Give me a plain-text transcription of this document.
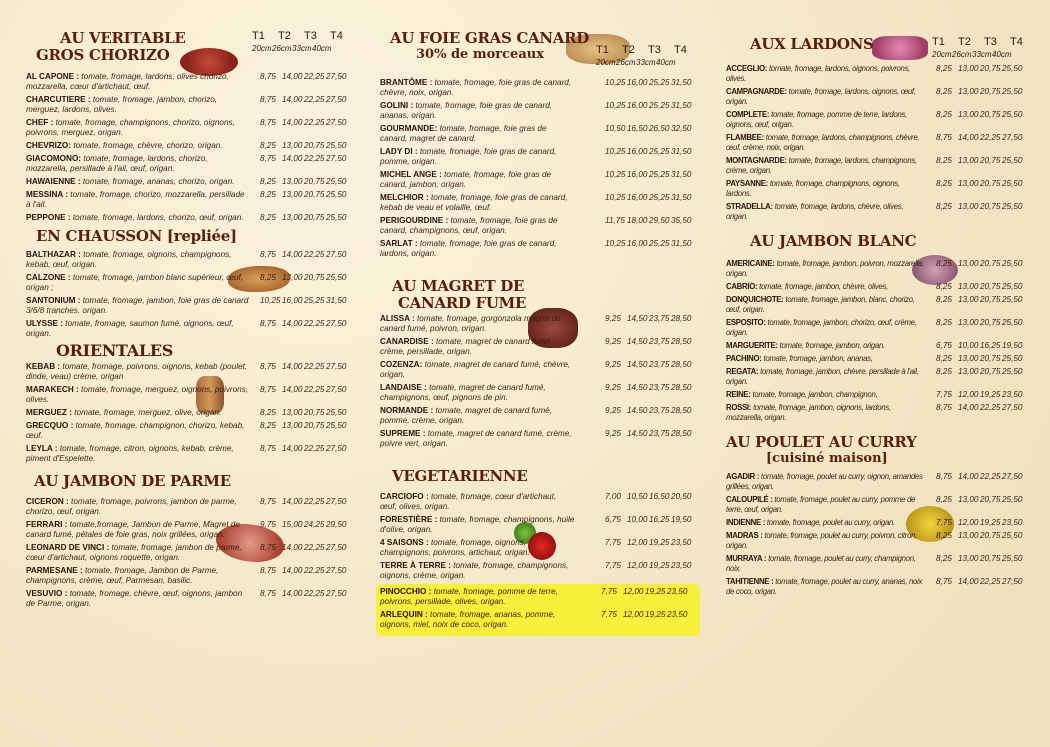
AU VERITABLE
GROS CHORIZO
T1 T2 T3 T4
20cm26cm33cm40cm
AL CAPONE : tomate, fromage, lardons, olives chorizo, mozzarella, cœur d'artichaut, œuf.
8,75 14,00 22,25 27,50
CHARCUTIERE : tomate, fromage, jambon, chorizo, merguez, lardons, olives.
8,75 14,00 22,25 27,50
CHEF : tomate, fromage, champignons, chorizo, oignons, poivrons, merguez, origan.
8,75 14,00 22,25 27,50
CHEVRIZO: tomate, fromage, chèvre, chorizo, origan.	8,25 13,00 20,75 25,50
GIACOMONO: tomate, fromage, lardons, chorizo, mozzarella, persillade à l'ail, œuf, origan.
8,75 14,00 22,25 27,50
HAWAIENNE : tomate, fromage, ananas, chorizo, origan.	8,25 13,00 20,75 25,50
MESSINA : tomate, fromage, chorizo, mozzarella, persillade à l'ail.
8,25 13,00 20,75 25,50
PEPPONE : tomate, fromage, lardons, chorizo, œuf, origan.	8,25 13,00 20,75 25,50
EN CHAUSSON [repliée]
BALTHAZAR : tomate, fromage, oignons, champignons, kebab, œuf, origan.
8,75 14,00 22,25 27,50
CALZONE : tomate, fromage, jambon blanc supérieur, œuf, origan ;
8,25 13,00 20,75 25,50
SANTONIUM : tomate, fromage, jambon, foie gras de canard 3/6/8 tranches. origan.
10,25 16,00 25,25 31,50
ULYSSE : tomate, fromage, saumon fumé, oignons, œuf, origan.
8,75 14,00 22,25 27,50
ORIENTALES
KEBAB : tomate, fromage, poivrons, oignons, kebab (poulet, dinde, veau) crème, origan
8,75 14,00 22,25 27,50
MARAKECH : tomate, fromage, merguez, oignons, poivrons, olives.
8,75 14,00 22,25 27,50
MERGUEZ : tomate, fromage, merguez, olive, origan.	8,25 13,00 20,75 25,50
GRECQUO : tomate, fromage, champignon, chorizo, kebab, œuf.
8,25 13,00 20,75 25,50
LEYLA : tomate, fromage, citron, oignons, kebab, crème, piment d'Espelette.
8,75 14,00 22,25 27,50
AU JAMBON DE PARME
CICERON : tomate, fromage, poivrons, jambon de parme, chorizo, œuf, origan.
8,75 14,00 22,25 27,50
FERRARI : tomate,fromage, Jambon de Parme, Magret de canard fumé, pétales de foie gras, noix grillées, origan.
9,75 15,00 24,25 29,50
LEONARD DE VINCI : tomate, fromage, jambon de parme, cœur d'artichaut, oignons roquette, origan.
8,75 14,00 22,25 27,50
PARMESANE : tomate, fromage, Jambon de Parme, champignons, crème, œuf, Parmesan, basilic.
8,75 14,00 22,25 27,50
VESUVIO : tomate, fromage, chèvre, œuf, oignons, jambon de Parme, origan.
8,75 14,00 22,25 27,50
AU FOIE GRAS CANARD
30% de morceaux	T1 T2 T3 T4
20cm26cm33cm40cm
BRANTÔME : tomate, fromage, foie gras de canard, chèvre, noix, origan.
10,25 16,00 25,25 31,50
GOLINI : tomate, fromage, foie gras de canard, ananas, origan.
10,25 16,00 25,25 31,50
GOURMANDE: tomate, fromage, foie gras de canard, magret de canard.
10,50 16,50 26,50 32,50
LADY DI : tomate, fromage, foie gras de canard, pomme, origan.
10,25 16,00 25,25 31,50
MICHEL ANGE : tomate, fromage, foie gras de canard, jambon, origan.
10,25 16,00 25,25 31,50
MELCHIOR : tomate, fromage, foie gras de canard, kebab de veau et volaille, œuf.
10,25 16,00 25,25 31,50
PERIGOURDINE : tomate, fromage, foie gras de canard, champignons, œuf, origan.
11,75 18,00 29,50 35,50
SARLAT : tomate, fromage, foie gras de canard, lardons, origan.
10,25 16,00 25,25 31,50
AU MAGRET DE
CANARD FUME
ALISSA : tomate, fromage, gorgonzola magret de canard fumé, poivron, origan.
9,25 14,50 23,75 28,50
CANARDISE : tomate, magret de canard fumé, crème, persillade, origan.
9,25 14,50 23,75 28,50
COZENZA: tomate, magret de canard fumé, chèvre, origan.
9,25 14,50 23,75 28,50
LANDAISE : tomate, magret de canard fumé, champignons, œuf, pignons de pin.
9,25 14,50 23,75 28,50
NORMANDE : tomate, magret de canard fumé, pomme, crème, origan.
9,25 14,50 23,75 28,50
SUPREME : tomate, magret de canard fumé, crème, poivre vert, origan.
9,25 14,50 23,75 28,50
VEGETARIENNE
CARCIOFO : tomate, fromage, cœur d'artichaut, œuf, olives, origan.
7,00 10,50 16,50 20,50
FORESTIÈRE : tomate, fromage, champignons, huile d'olive, origan.
6,75 10,00 16,25 19,50
4 SAISONS : tomate, fromage, oignons, champignons, poivrons, artichaut, origan.
7,75 12,00 19,25 23,50
TERRE À TERRE : tomate, fromage, champignons, oignons, crème, origan.
7,75 12,00 19,25 23,50
PINOCCHIO : tomate, fromage, pomme de terre, poivrons, persillade, olives, origan.
7,75 12,00 19,25 23,50
ARLEQUIN : tomate, fromage, ananas, pomme, oignons, miel, noix de coco, origan.
7,75 12,00 19,25 23,50
AUX LARDONS	T1 T2 T3 T4
20cm26cm33cm40cm
ACCEGLIO: tomate, fromage, lardons, oignons, poivrons, olives.
8,25 13,00 20,75 25,50
CAMPAGNARDE: tomate, fromage, lardons, oignons, œuf, origan.
8,25 13,00 20,75 25,50
COMPLETE: tomate, fromage, pomme de terre, lardons, oignons, œuf, origan.
8,25 13,00 20,75 25,50
FLAMBEE: tomate, fromage, lardons, champignons, chèvre, œuf, crème, noix, origan.
8,75 14,00 22,25 27,50
MONTAGNARDE: tomate, fromage, lardons, champignons, crème, origan.
8,25 13,00 20,75 25,50
PAYSANNE: tomate, fromage, champignons, oignons, lardons.
8,25 13,00 20,75 25,50
STRADELLA: tomate, fromage, lardons, chèvre, olives, origan.
8,25 13,00 20,75 25,50
AU JAMBON BLANC
AMERICAINE: tomate, fromage, jambon, poivron, mozzarella, origan.
8,25 13,00 20,75 25,50
CABRIO: tomate, fromage, jambon, chèvre, olives,	8,25 13,00 20,75 25,50
DONQUICHOTE: tomate, fromage, jambon, blanc, chorizo, œuf, origan.
8,25 13,00 20,75 25,50
ESPOSITO: tomate, fromage, jambon, chorizo, œuf, crème, origan.
8,25 13,00 20,75 25,50
MARGUERITE: tomate, fromage, jambon, origan.	6,75 10,00 16,25 19,50
PACHINO: tomate, fromage, jambon, ananas,	8,25 13,00 20,75 25,50
REGATA: tomate, fromage, jambon, chèvre, persillade à l'ail, origan.
8,25 13,00 20,75 25,50
REINE: tomate, fromage, jambon, champignon,	7,75 12,00 19,25 23,50
ROSSI: tomate, fromage, jambon, oignons, lardons, mozzarella, origan.
8,75 14,00 22,25 27,50
AU POULET AU CURRY
[cuisiné maison]
AGADIR : tomate, fromage, poulet au curry, oignon, amandes grillées, origan.
8,75 14,00 22,25 27,50
CALOUPILÉ : tomate, fromage, poulet au curry, pomme de terre, œuf, origan.
8,25 13,00 20,75 25,50
INDIENNE : tomate, fromage, poulet au curry, origan.	7,75 12,00 19,25 23,50
MADRAS : tomate, fromage, poulet au curry, poivron, citron, origan.
8,25 13,00 20,75 25,50
MURRAYA : tomate, fromage, poulet au curry, champignon, noix.
8,25 13,00 20,75 25,50
TAHITIENNE : tomate, fromage, poulet au curry, ananas, noix de coco, origan.
8,75 14,00 22,25 27,50
